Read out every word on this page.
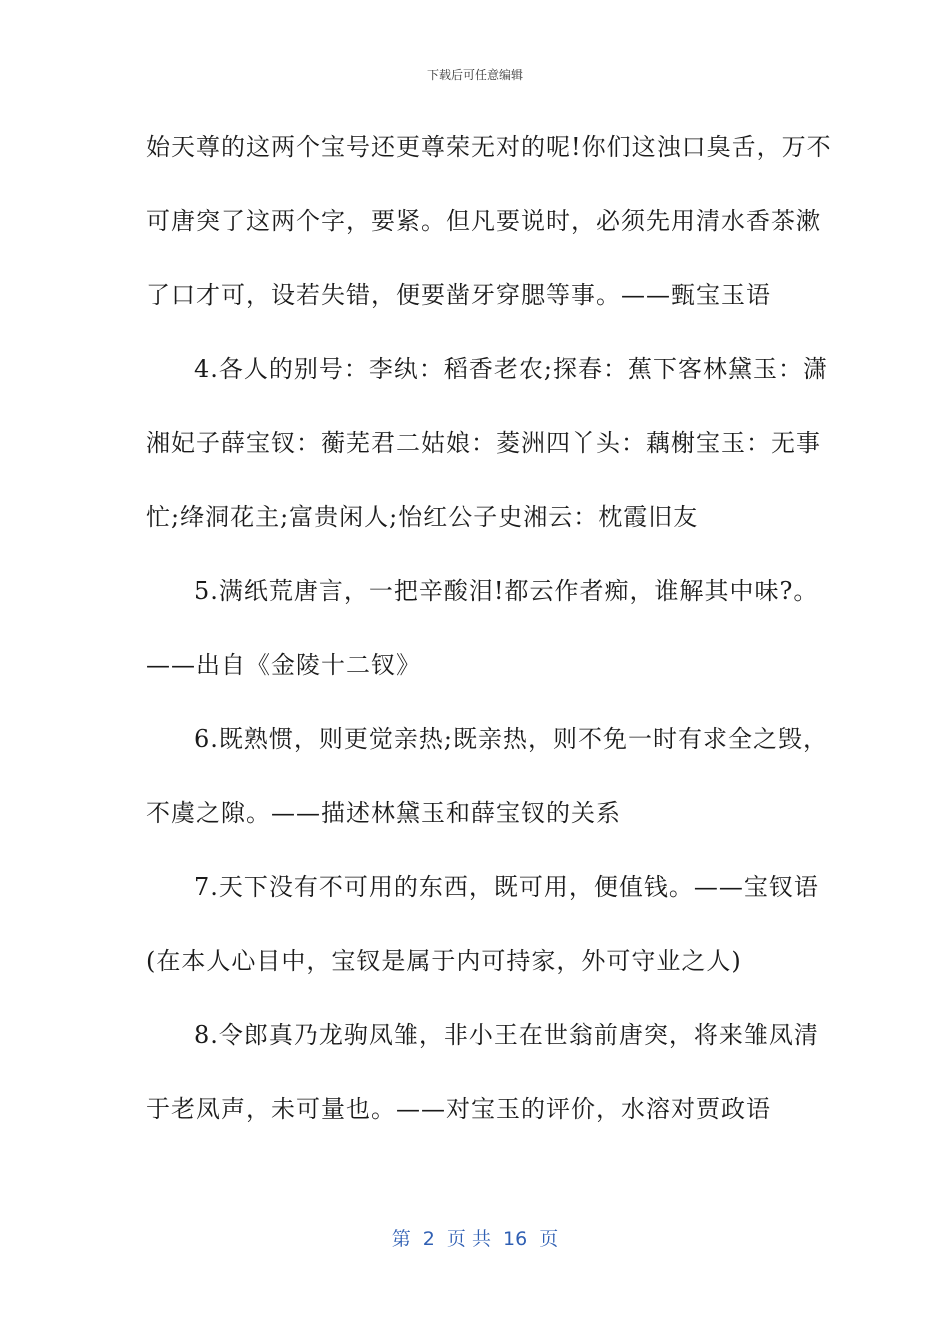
下载后可任意编辑
始天尊的这两个宝号还更尊荣无对的呢!你们这浊口臭舌，万不
可唐突了这两个字，要紧。但凡要说时，必须先用清水香茶漱
了口才可，设若失错，便要凿牙穿腮等事。——甄宝玉语
4.各人的别号：李纨：稻香老农;探春：蕉下客林黛玉：潇
湘妃子薛宝钗：蘅芜君二姑娘：菱洲四丫头：藕榭宝玉：无事
忙;绛洞花主;富贵闲人;怡红公子史湘云：枕霞旧友
5.满纸荒唐言，一把辛酸泪!都云作者痴，谁解其中味?。
——出自《金陵十二钗》
6.既熟惯，则更觉亲热;既亲热，则不免一时有求全之毁，
不虞之隙。——描述林黛玉和薛宝钗的关系
7.天下没有不可用的东西，既可用，便值钱。——宝钗语
(在本人心目中，宝钗是属于内可持家，外可守业之人)
8.令郎真乃龙驹凤雏，非小王在世翁前唐突，将来雏凤清
于老凤声，未可量也。——对宝玉的评价，水溶对贾政语
第  2  页 共  16  页
